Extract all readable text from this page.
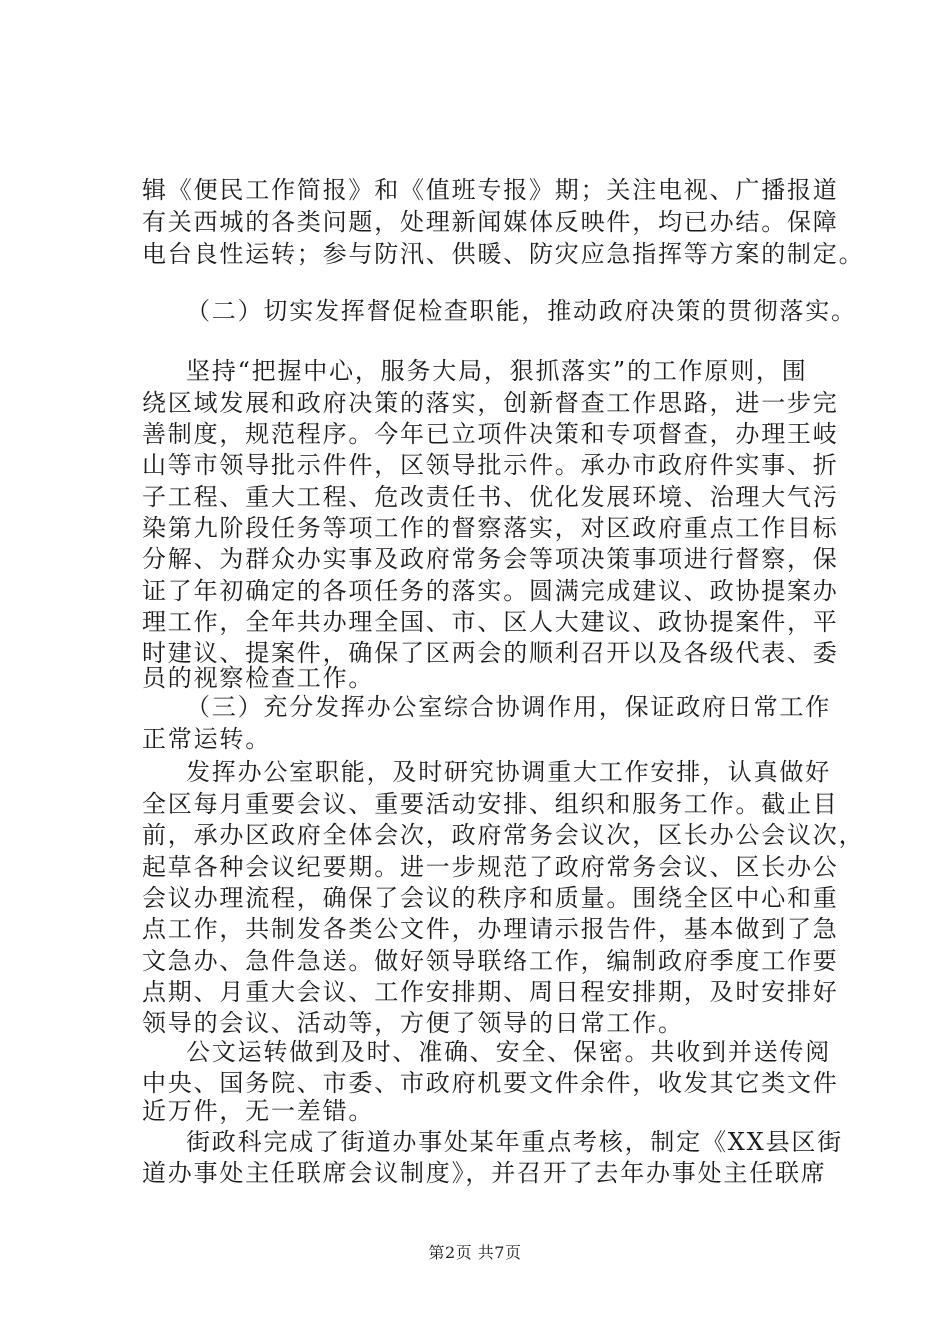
辑《便民工作简报》和《值班专报》期；关注电视、广播报道
有关西城的各类问题，处理新闻媒体反映件，均已办结。保障
电台良性运转；参与防汛、供暖、防灾应急指挥等方案的制定。
（二）切实发挥督促检查职能，推动政府决策的贯彻落实。
坚持“把握中心，服务大局，狠抓落实”的工作原则，围
绕区域发展和政府决策的落实，创新督查工作思路，进一步完
善制度，规范程序。今年已立项件决策和专项督查，办理王岐
山等市领导批示件件，区领导批示件。承办市政府件实事、折
子工程、重大工程、危改责任书、优化发展环境、治理大气污
染第九阶段任务等项工作的督察落实，对区政府重点工作目标
分解、为群众办实事及政府常务会等项决策事项进行督察，保
证了年初确定的各项任务的落实。圆满完成建议、政协提案办
理工作，全年共办理全国、市、区人大建议、政协提案件，平
时建议、提案件，确保了区两会的顺利召开以及各级代表、委
员的视察检查工作。
（三）充分发挥办公室综合协调作用，保证政府日常工作
正常运转。
发挥办公室职能，及时研究协调重大工作安排，认真做好
全区每月重要会议、重要活动安排、组织和服务工作。截止目
前，承办区政府全体会次，政府常务会议次，区长办公会议次，
起草各种会议纪要期。进一步规范了政府常务会议、区长办公
会议办理流程，确保了会议的秩序和质量。围绕全区中心和重
点工作，共制发各类公文件，办理请示报告件，基本做到了急
文急办、急件急送。做好领导联络工作，编制政府季度工作要
点期、月重大会议、工作安排期、周日程安排期，及时安排好
领导的会议、活动等，方便了领导的日常工作。
公文运转做到及时、准确、安全、保密。共收到并送传阅
中央、国务院、市委、市政府机要文件余件，收发其它类文件
近万件，无一差错。
街政科完成了街道办事处某年重点考核，制定《XX县区街
道办事处主任联席会议制度》，并召开了去年办事处主任联席
第2页 共7页
